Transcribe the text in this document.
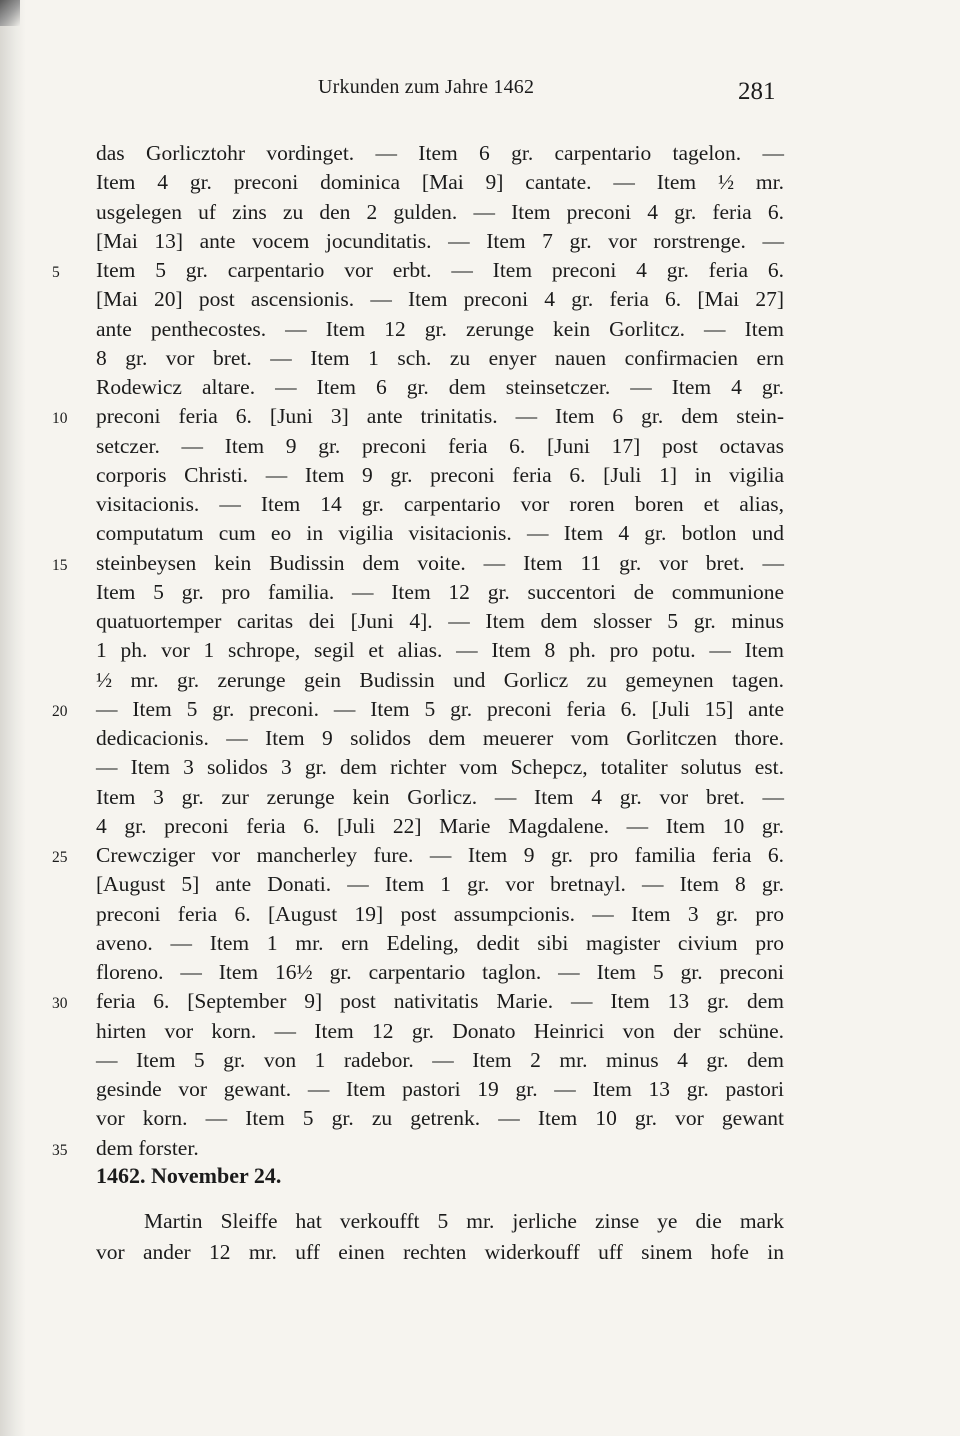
Urkunden zum Jahre 1462	281
das Gorlicztohr vordinget. — Item 6 gr. carpentario tagelon. —
Item 4 gr. preconi dominica [Mai 9] cantate. — Item ½ mr.
usgelegen uf zins zu den 2 gulden. — Item preconi 4 gr. feria 6.
[Mai 13] ante vocem jocunditatis. — Item 7 gr. vor rorstrenge. —
5	Item 5 gr. carpentario vor erbt. — Item preconi 4 gr. feria 6.
[Mai 20] post ascensionis. — Item preconi 4 gr. feria 6. [Mai 27]
ante penthecostes. — Item 12 gr. zerunge kein Gorlitcz. — Item
8 gr. vor bret. — Item 1 sch. zu enyer nauen confirmacien ern
Rodewicz altare. — Item 6 gr. dem steinsetczer. — Item 4 gr.
10	preconi feria 6. [Juni 3] ante trinitatis. — Item 6 gr. dem stein-
setczer. — Item 9 gr. preconi feria 6. [Juni 17] post octavas
corporis Christi. — Item 9 gr. preconi feria 6. [Juli 1] in vigilia
visitacionis. — Item 14 gr. carpentario vor roren boren et alias,
computatum cum eo in vigilia visitacionis. — Item 4 gr. botlon und
15	steinbeysen kein Budissin dem voite. — Item 11 gr. vor bret. —
Item 5 gr. pro familia. — Item 12 gr. succentori de communione
quatuortemper caritas dei [Juni 4]. — Item dem slosser 5 gr. minus
1 ph. vor 1 schrope, segil et alias. — Item 8 ph. pro potu. — Item
½ mr. gr. zerunge gein Budissin und Gorlicz zu gemeynen tagen.
20	— Item 5 gr. preconi. — Item 5 gr. preconi feria 6. [Juli 15] ante
dedicacionis. — Item 9 solidos dem meuerer vom Gorlitczen thore.
— Item 3 solidos 3 gr. dem richter vom Schepcz, totaliter solutus est.
Item 3 gr. zur zerunge kein Gorlicz. — Item 4 gr. vor bret. —
4 gr. preconi feria 6. [Juli 22] Marie Magdalene. — Item 10 gr.
25	Crewcziger vor mancherley fure. — Item 9 gr. pro familia feria 6.
[August 5] ante Donati. — Item 1 gr. vor bretnayl. — Item 8 gr.
preconi feria 6. [August 19] post assumpcionis. — Item 3 gr. pro
aveno. — Item 1 mr. ern Edeling, dedit sibi magister civium pro
floreno. — Item 16½ gr. carpentario taglon. — Item 5 gr. preconi
30	feria 6. [September 9] post nativitatis Marie. — Item 13 gr. dem
hirten vor korn. — Item 12 gr. Donato Heinrici von der schüne.
— Item 5 gr. von 1 radebor. — Item 2 mr. minus 4 gr. dem
gesinde vor gewant. — Item pastori 19 gr. — Item 13 gr. pastori
vor korn. — Item 5 gr. zu getrenk. — Item 10 gr. vor gewant
35	dem forster.
1462. November 24.
Martin Sleiffe hat verkoufft 5 mr. jerliche zinse ye die mark
vor ander 12 mr. uff einen rechten widerkouff uff sinem hofe in
